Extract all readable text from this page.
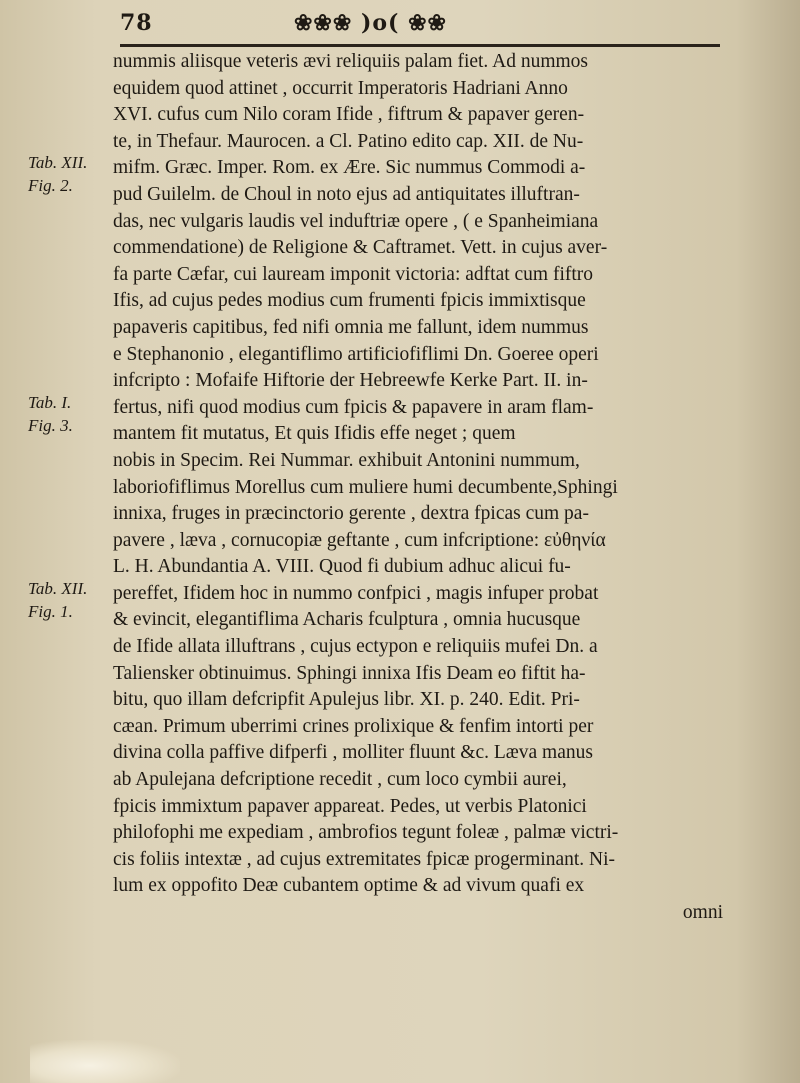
78	❀❀❀ )o( ❀❀
Tab. XII.
Fig. 2.
Tab. I.
Fig. 3.
Tab. XII.
Fig. 1.
nummis aliisque veteris ævi reliquiis palam fiet. Ad nummos
equidem quod attinet , occurrit Imperatoris Hadriani Anno
XVI. cufus cum Nilo coram Ifide , fiftrum & papaver geren-
te, in Thefaur. Maurocen. a Cl. Patino edito cap. XII. de Nu-
mifm. Græc. Imper. Rom. ex Ære. Sic nummus Commodi a-
pud Guilelm. de Choul in noto ejus ad antiquitates illuftran-
das, nec vulgaris laudis vel induftriæ opere , ( e Spanheimiana
commendatione) de Religione & Caftramet. Vett. in cujus aver-
fa parte Cæfar, cui lauream imponit victoria: adftat cum fiftro
Ifis, ad cujus pedes modius cum frumenti fpicis immixtisque
papaveris capitibus, fed nifi omnia me fallunt, idem nummus
e Stephanonio , elegantiflimo artificiofiflimi Dn. Goeree operi
infcripto : Mofaife Hiftorie der Hebreewfe Kerke Part. II. in-
fertus, nifi quod modius cum fpicis & papavere in aram flam-
mantem fit mutatus, Et quis Ifidis effe neget ; quem
nobis in Specim. Rei Nummar. exhibuit Antonini nummum,
laboriofiflimus Morellus cum muliere humi decumbente,Sphingi
innixa, fruges in præcinctorio gerente , dextra fpicas cum pa-
pavere , læva , cornucopiæ geftante , cum infcriptione: εὐθηνία
L. H. Abundantia A. VIII. Quod fi dubium adhuc alicui fu-
pereffet, Ifidem hoc in nummo confpici , magis infuper probat
& evincit, elegantiflima Acharis fculptura , omnia hucusque
de Ifide allata illuftrans , cujus ectypon e reliquiis mufei Dn. a
Taliensker obtinuimus. Sphingi innixa Ifis Deam eo fiftit ha-
bitu, quo illam defcripfit Apulejus libr. XI. p. 240. Edit. Pri-
cæan. Primum uberrimi crines prolixique & fenfim intorti per
divina colla paffive difperfi , molliter fluunt &c. Læva manus
ab Apulejana defcriptione recedit , cum loco cymbii aurei,
fpicis immixtum papaver appareat. Pedes, ut verbis Platonici
philofophi me expediam , ambrofios tegunt foleæ , palmæ victri-
cis foliis intextæ , ad cujus extremitates fpicæ progerminant. Ni-
lum ex oppofito Deæ cubantem optime & ad vivum quafi ex
omni
